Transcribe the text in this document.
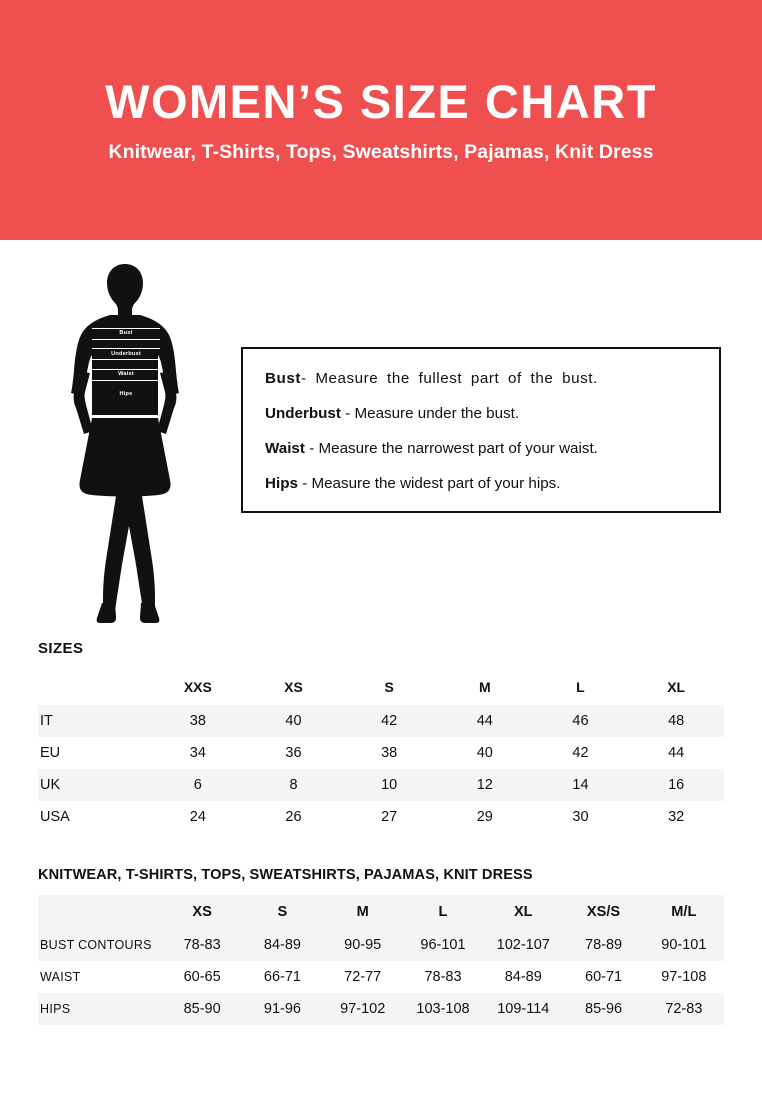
WOMEN’S SIZE CHART
Knitwear, T-Shirts, Tops, Sweatshirts, Pajamas, Knit Dress
Bust
Underbust
Waist
Hips
Bust- Measure the fullest part of the bust.
Underbust - Measure under the bust.
Waist - Measure the narrowest part of your waist.
Hips - Measure the widest part of your hips.
SIZES
	XXS	XS	S	M	L	XL
IT	38	40	42	44	46	48
EU	34	36	38	40	42	44
UK	6	8	10	12	14	16
USA	24	26	27	29	30	32
KNITWEAR, T-SHIRTS, TOPS, SWEATSHIRTS, PAJAMAS, KNIT DRESS
	XS	S	M	L	XL	XS/S	M/L
BUST CONTOURS	78-83	84-89	90-95	96-101	102-107	78-89	90-101
WAIST	60-65	66-71	72-77	78-83	84-89	60-71	97-108
HIPS	85-90	91-96	97-102	103-108	109-114	85-96	72-83
